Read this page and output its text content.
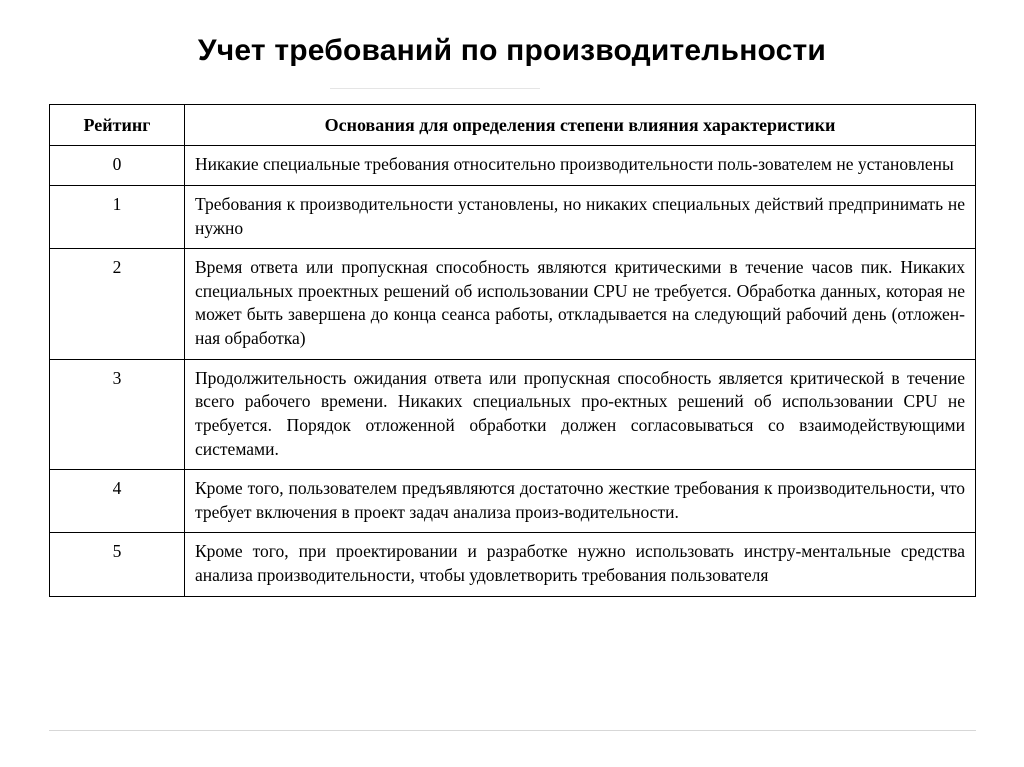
Учет требований по производительности
Рейтинг	Основания для определения степени влияния характеристики
0	Никакие специальные требования относительно производительности поль-зователем не установлены
1	Требования к производительности установлены, но никаких специальных действий предпринимать не нужно
2	Время ответа или пропускная способность являются критическими в течение часов пик. Никаких специальных проектных решений об использовании CPU не требуется. Обработка данных, которая не может быть завершена до конца сеанса работы, откладывается на следующий рабочий день (отложен-ная обработка)
3	Продолжительность ожидания ответа или пропускная способность является критической в течение всего рабочего времени. Никаких специальных про-ектных решений об использовании CPU не требуется. Порядок отложенной обработки должен согласовываться со взаимодействующими системами.
4	Кроме того, пользователем предъявляются достаточно жесткие требования к производительности, что требует включения в проект задач анализа произ-водительности.
5	Кроме того, при проектировании и разработке нужно использовать инстру-ментальные средства анализа производительности, чтобы удовлетворить требования пользователя
